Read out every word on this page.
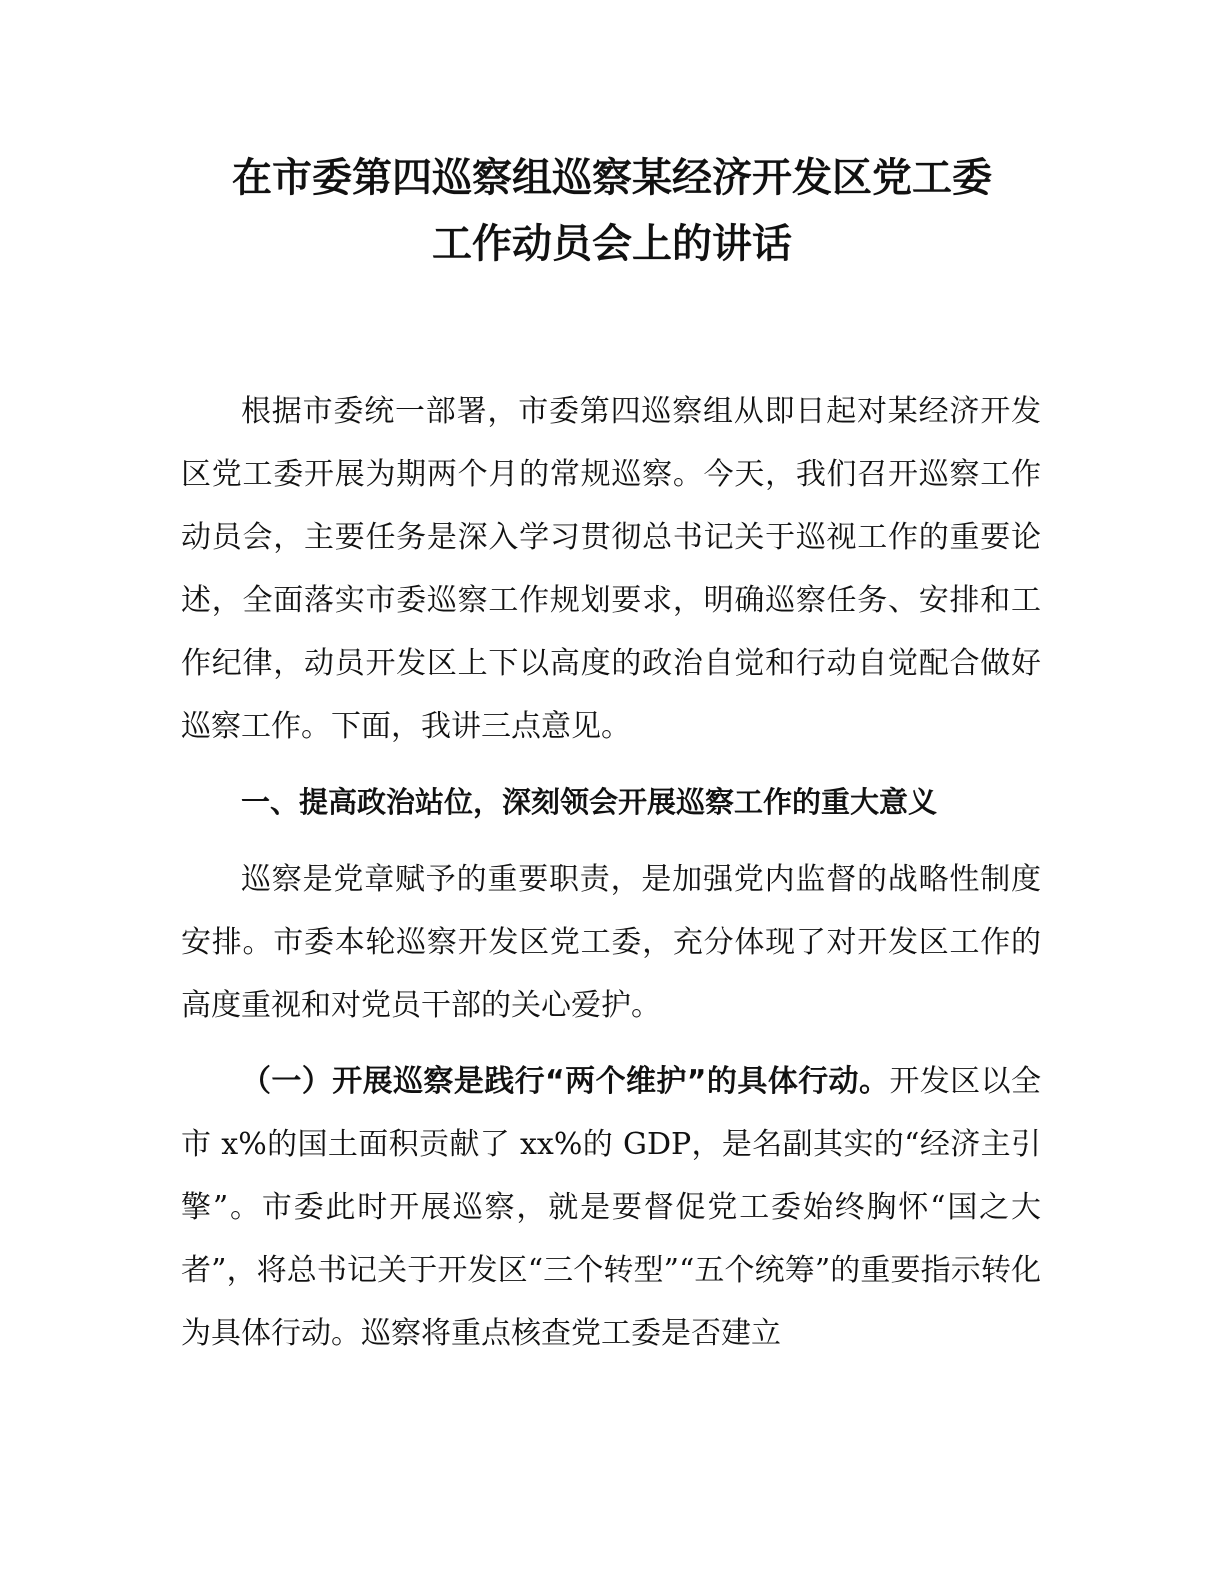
在市委第四巡察组巡察某经济开发区党工委
工作动员会上的讲话

根据市委统一部署，市委第四巡察组从即日起对某经济开发区党工委开展为期两个月的常规巡察。今天，我们召开巡察工作动员会，主要任务是深入学习贯彻总书记关于巡视工作的重要论述，全面落实市委巡察工作规划要求，明确巡察任务、安排和工作纪律，动员开发区上下以高度的政治自觉和行动自觉配合做好巡察工作。下面，我讲三点意见。

一、提高政治站位，深刻领会开展巡察工作的重大意义

巡察是党章赋予的重要职责，是加强党内监督的战略性制度安排。市委本轮巡察开发区党工委，充分体现了对开发区工作的高度重视和对党员干部的关心爱护。

（一）开展巡察是践行“两个维护”的具体行动。开发区以全市 x%的国土面积贡献了 xx%的 GDP，是名副其实的“经济主引擎”。市委此时开展巡察，就是要督促党工委始终胸怀“国之大者”，将总书记关于开发区“三个转型”“五个统筹”的重要指示转化为具体行动。巡察将重点核查党工委是否建立
